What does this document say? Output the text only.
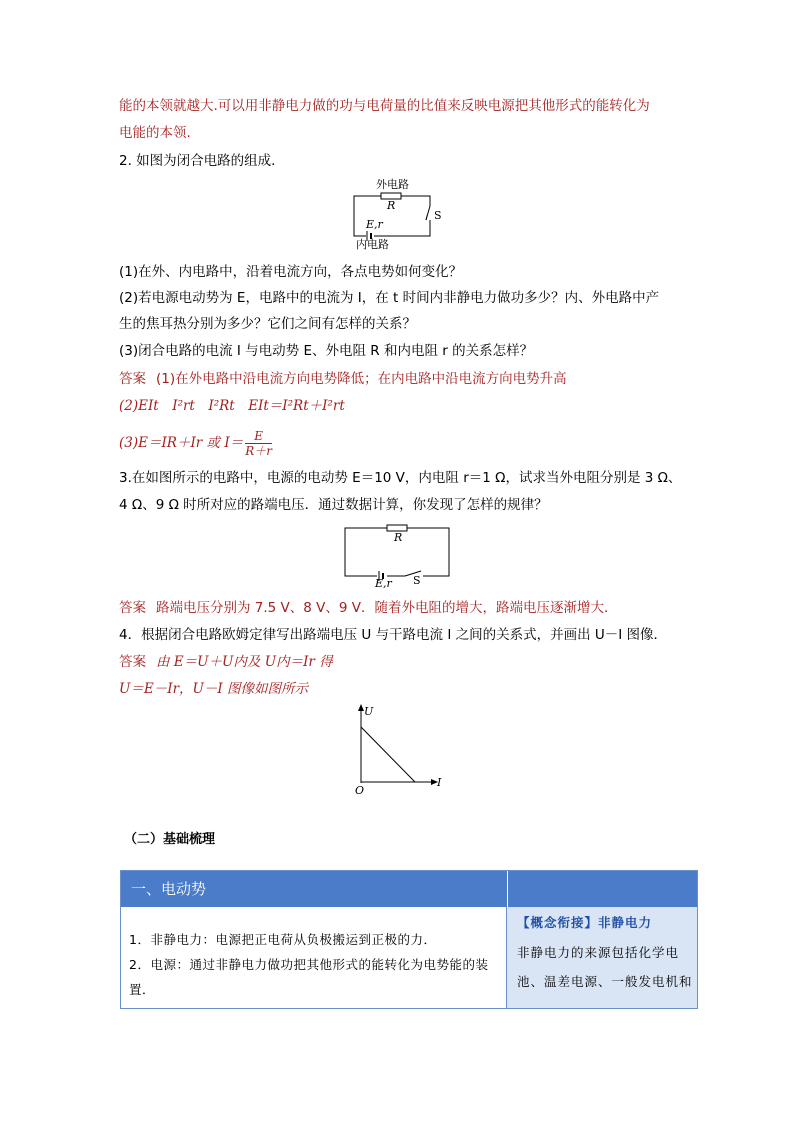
能的本领就越大.可以用非静电力做的功与电荷量的比值来反映电源把其他形式的能转化为
电能的本领.
2. 如图为闭合电路的组成.
外电路
R
S
E,r
内电路
(1)在外、内电路中，沿着电流方向，各点电势如何变化？
(2)若电源电动势为 E，电路中的电流为 I，在 t 时间内非静电力做功多少？内、外电路中产
生的焦耳热分别为多少？它们之间有怎样的关系？
(3)闭合电路的电流 I 与电动势 E、外电阻 R 和内电阻 r 的关系怎样？
答案 (1)在外电路中沿电流方向电势降低；在内电路中沿电流方向电势升高
(2)EIt　I²rt　I²Rt　EIt＝I²Rt＋I²rt
(3)E＝IR＋Ir 或 $I= \frac{E}{R+r}$
3.在如图所示的电路中，电源的电动势 E＝10 V，内电阻 r＝1 Ω，试求当外电阻分别是 3 Ω、
4 Ω、9 Ω 时所对应的路端电压．通过数据计算，你发现了怎样的规律？
R
E,r S
答案 路端电压分别为 7.5 V、8 V、9 V．随着外电阻的增大，路端电压逐渐增大．
4．根据闭合电路欧姆定律写出路端电压 U 与干路电流 I 之间的关系式，并画出 U－I 图像．
答案 由 E＝U＋U内及 U内＝Ir 得
U＝E－Ir，U－I 图像如图所示
U
I
O
（二）基础梳理
一、电动势
1．非静电力：电源把正电荷从负极搬运到正极的力．
2．电源：通过非静电力做功把其他形式的能转化为电势能的装
置．
【概念衔接】非静电力
非静电力的来源包括化学电
池、温差电源、一般发电机和
